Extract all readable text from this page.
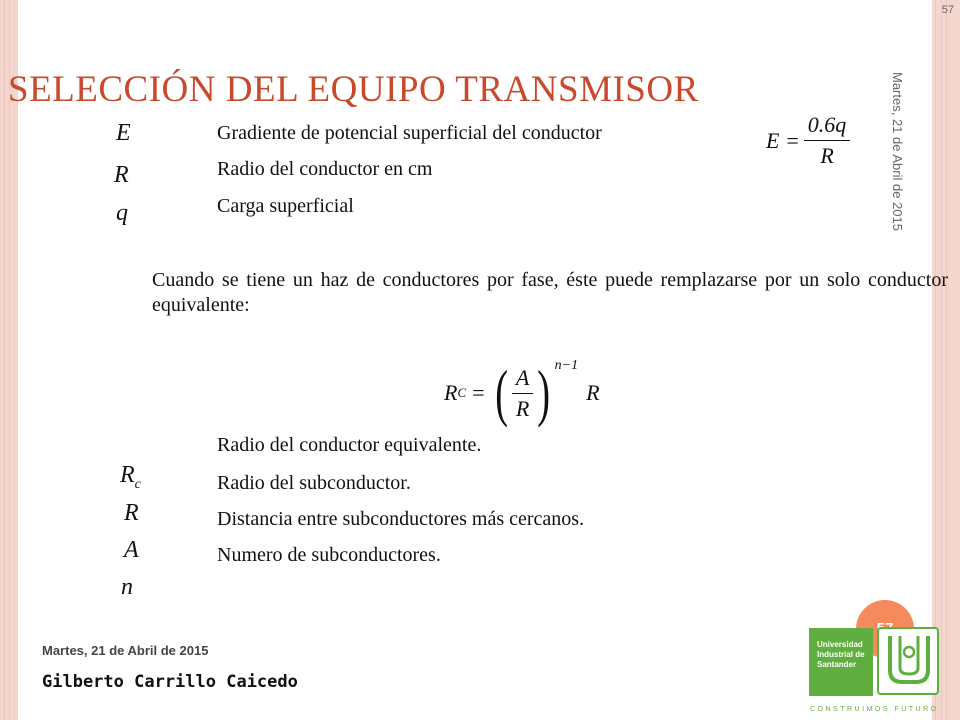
57
Martes, 21 de Abril de 2015
SELECCIÓN DEL EQUIPO TRANSMISOR
E
R
q
Gradiente de potencial superficial del conductor
Radio del conductor en cm
Carga superficial
$E = \frac{0.6q}{R}$
Cuando se tiene un haz de conductores por fase, éste puede remplazarse por un solo conductor equivalente:
R C = ( $\frac{A}{R}$ ) n−1
R
Radio del conductor equivalente.
Radio del subconductor.
Distancia entre subconductores más cercanos.
Numero de subconductores.
$R_c$
R
A
n
Martes, 21 de Abril de 2015
Gilberto Carrillo Caicedo
Universidad
Industrial de
Santander
CONSTRUIMOS FUTURO
